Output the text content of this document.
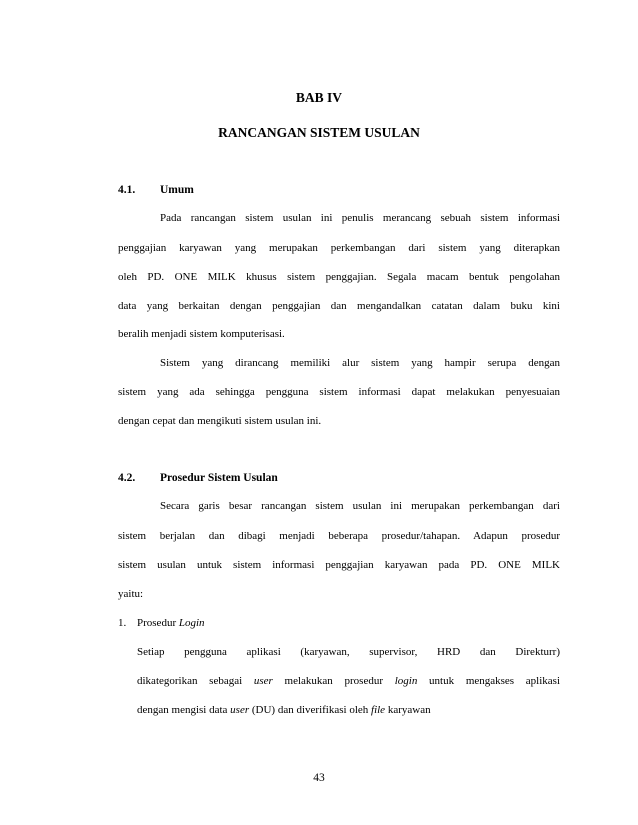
BAB IV
RANCANGAN SISTEM USULAN
4.1. Umum
Pada rancangan sistem usulan ini penulis merancang sebuah sistem informasi
penggajian karyawan yang merupakan perkembangan dari sistem yang diterapkan
oleh PD. ONE MILK khusus sistem penggajian. Segala macam bentuk pengolahan
data yang berkaitan dengan penggajian dan mengandalkan catatan dalam buku kini
beralih menjadi sistem komputerisasi.
Sistem yang dirancang memiliki alur sistem yang hampir serupa dengan
sistem yang ada sehingga pengguna sistem informasi dapat melakukan penyesuaian
dengan cepat dan mengikuti sistem usulan ini.
4.2. Prosedur Sistem Usulan
Secara garis besar rancangan sistem usulan ini merupakan perkembangan dari
sistem berjalan dan dibagi menjadi beberapa prosedur/tahapan. Adapun prosedur
sistem usulan untuk sistem informasi penggajian karyawan pada PD. ONE MILK
yaitu:
1. Prosedur Login
Setiap pengguna aplikasi (karyawan, supervisor, HRD dan Direkturr)
dikategorikan sebagai user melakukan prosedur login untuk mengakses aplikasi
dengan mengisi data user (DU) dan diverifikasi oleh file karyawan
43
